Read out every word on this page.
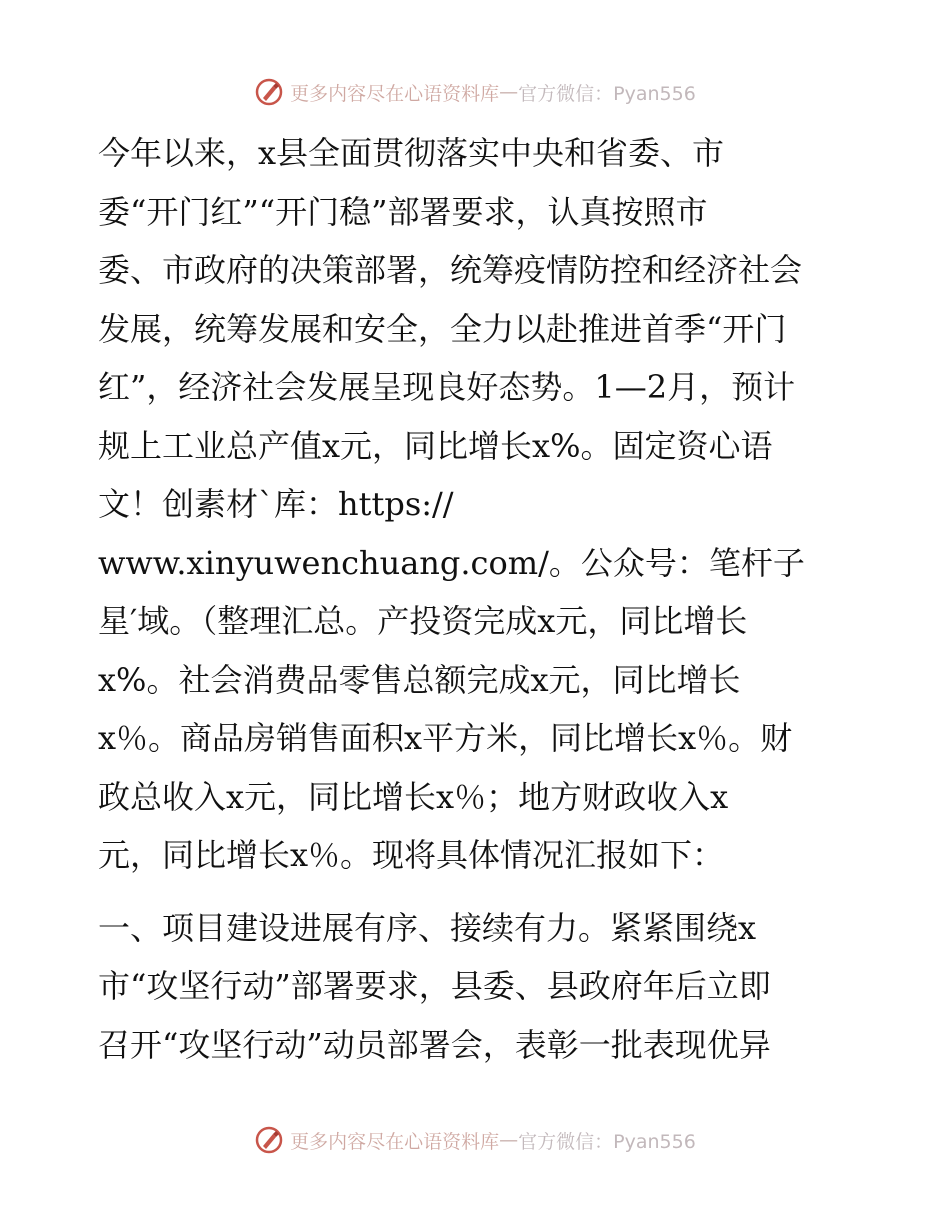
更多内容尽在心语资料库 — 官方微信：Pyan556
今年以来，x县全面贯彻落实中央和省委、市
委“开门红”“开门稳”部署要求，认真按照市
委、市政府的决策部署，统筹疫情防控和经济社会
发展，统筹发展和安全，全力以赴推进首季“开门
红”，经济社会发展呈现良好态势。1—2月，预计
规上工业总产值x元，同比增长x%。固定资心语
文！创素材`库：https://
www.xinyuwenchuang.com/。公众号：笔杆子
星′域。（整理汇总。产投资完成x元，同比增长
x%。社会消费品零售总额完成x元，同比增长
x％。商品房销售面积x平方米，同比增长x％。财
政总收入x元，同比增长x％；地方财政收入x
元，同比增长x％。现将具体情况汇报如下：
一、项目建设进展有序、接续有力。紧紧围绕x
市“攻坚行动”部署要求，县委、县政府年后立即
召开“攻坚行动”动员部署会，表彰一批表现优异
更多内容尽在心语资料库 — 官方微信：Pyan556
